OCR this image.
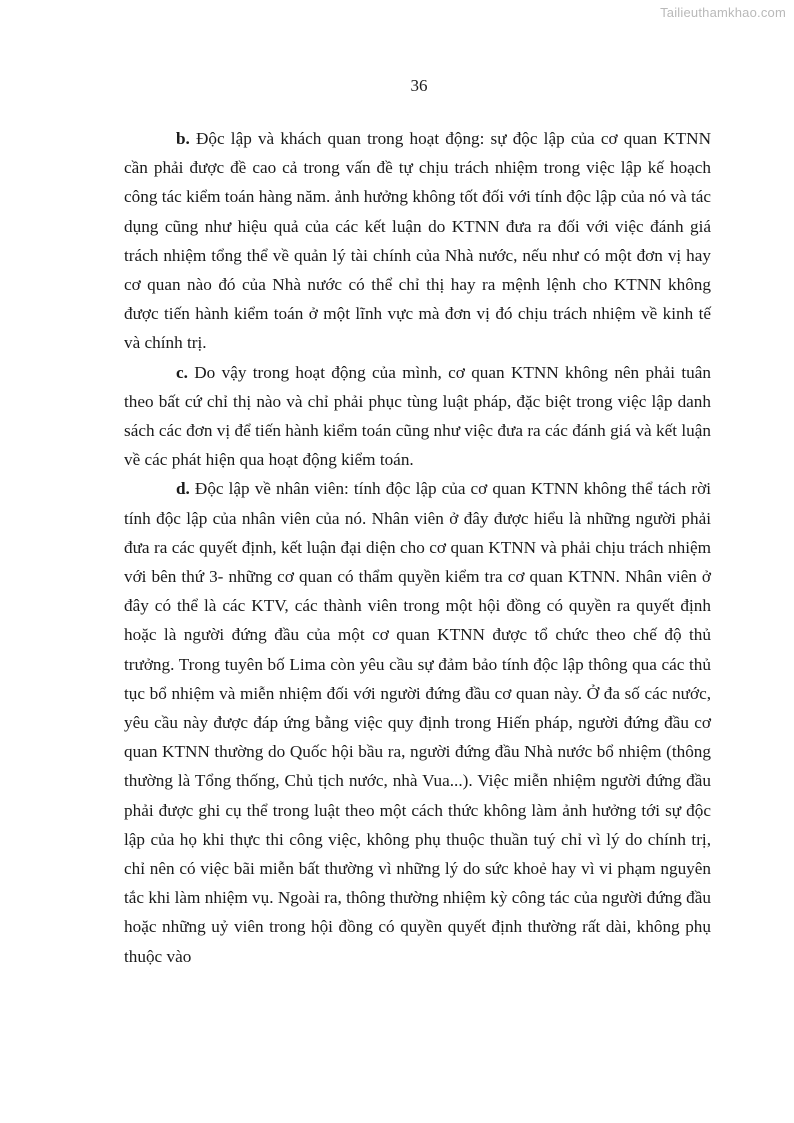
Tailieuthamkhao.com
36

b. Độc lập và khách quan trong hoạt động: sự độc lập của cơ quan KTNN cần phải được đề cao cả trong vấn đề tự chịu trách nhiệm trong việc lập kế hoạch công tác kiểm toán hàng năm. ảnh hưởng không tốt đối với tính độc lập của nó và tác dụng cũng như hiệu quả của các kết luận do KTNN đưa ra đối với việc đánh giá trách nhiệm tổng thể về quản lý tài chính của Nhà nước, nếu như có một đơn vị hay cơ quan nào đó của Nhà nước có thể chỉ thị hay ra mệnh lệnh cho KTNN không được tiến hành kiểm toán ở một lĩnh vực mà đơn vị đó chịu trách nhiệm về kinh tế và chính trị.

c. Do vậy trong hoạt động của mình, cơ quan KTNN không nên phải tuân theo bất cứ chỉ thị nào và chỉ phải phục tùng luật pháp, đặc biệt trong việc lập danh sách các đơn vị để tiến hành kiểm toán cũng như việc đưa ra các đánh giá và kết luận về các phát hiện qua hoạt động kiểm toán.

d. Độc lập về nhân viên: tính độc lập của cơ quan KTNN không thể tách rời tính độc lập của nhân viên của nó. Nhân viên ở đây được hiểu là những người phải đưa ra các quyết định, kết luận đại diện cho cơ quan KTNN và phải chịu trách nhiệm với bên thứ 3- những cơ quan có thẩm quyền kiểm tra cơ quan KTNN. Nhân viên ở đây có thể là các KTV, các thành viên trong một hội đồng có quyền ra quyết định hoặc là người đứng đầu của một cơ quan KTNN được tổ chức theo chế độ thủ trưởng. Trong tuyên bố Lima còn yêu cầu sự đảm bảo tính độc lập thông qua các thủ tục bổ nhiệm và miễn nhiệm đối với người đứng đầu cơ quan này. Ở đa số các nước, yêu cầu này được đáp ứng bằng việc quy định trong Hiến pháp, người đứng đầu cơ quan KTNN thường do Quốc hội bầu ra, người đứng đầu Nhà nước bổ nhiệm (thông thường là Tổng thống, Chủ tịch nước, nhà Vua...). Việc miễn nhiệm người đứng đầu phải được ghi cụ thể trong luật theo một cách thức không làm ảnh hưởng tới sự độc lập của họ khi thực thi công việc, không phụ thuộc thuần tuý chỉ vì lý do chính trị, chỉ nên có việc bãi miễn bất thường vì những lý do sức khoẻ hay vì vi phạm nguyên tắc khi làm nhiệm vụ. Ngoài ra, thông thường nhiệm kỳ công tác của người đứng đầu hoặc những uỷ viên trong hội đồng có quyền quyết định thường rất dài, không phụ thuộc vào
